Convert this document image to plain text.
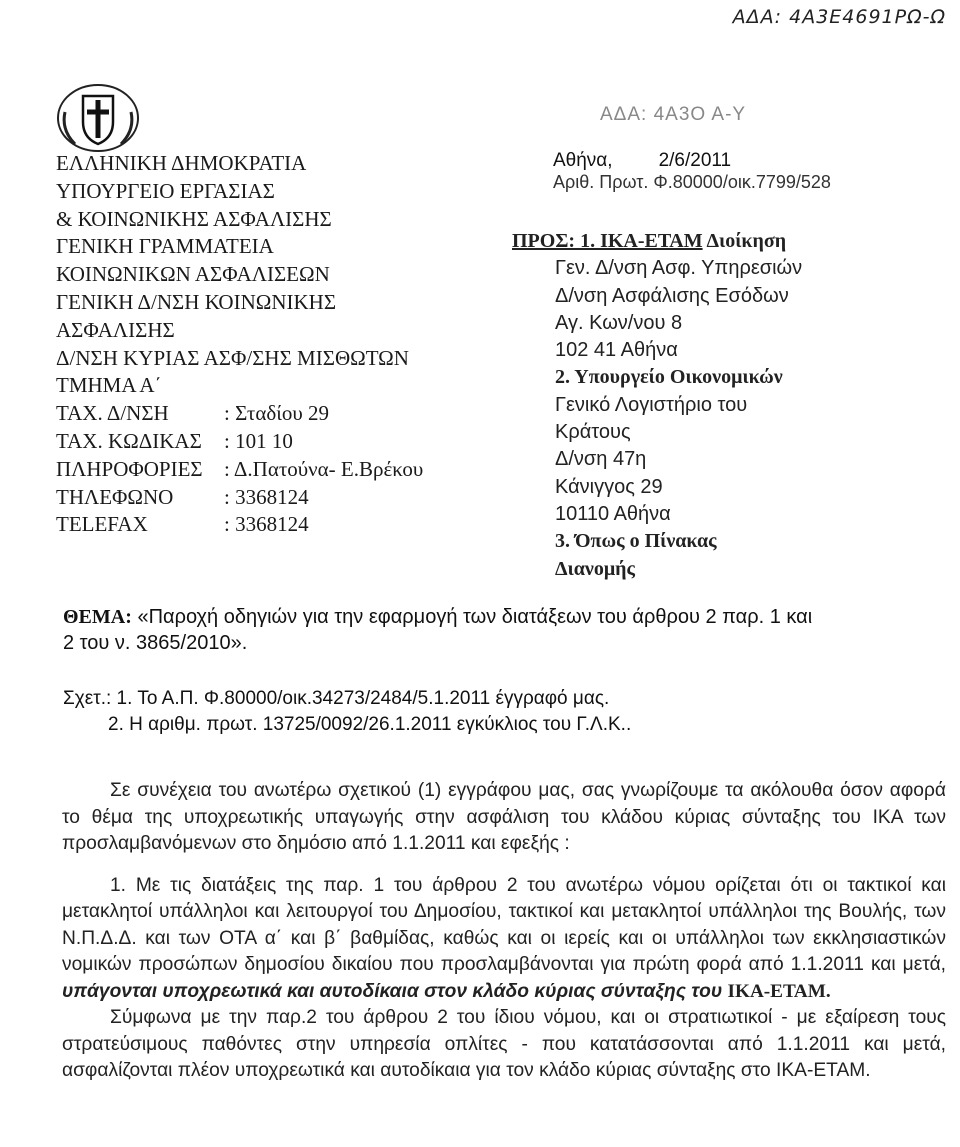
ΑΔΑ: 4Α3Ε4691ΡΩ-Ω
ΕΛΛΗΝΙΚΗ ΔΗΜΟΚΡΑΤΙΑ
ΥΠΟΥΡΓΕΙΟ ΕΡΓΑΣΙΑΣ
& ΚΟΙΝΩΝΙΚΗΣ ΑΣΦΑΛΙΣΗΣ
ΓΕΝΙΚΗ ΓΡΑΜΜΑΤΕΙΑ
ΚΟΙΝΩΝΙΚΩΝ ΑΣΦΑΛΙΣΕΩΝ
ΓΕΝΙΚΗ Δ/ΝΣΗ ΚΟΙΝΩΝΙΚΗΣ
ΑΣΦΑΛΙΣΗΣ
Δ/ΝΣΗ ΚΥΡΙΑΣ ΑΣΦ/ΣΗΣ ΜΙΣΘΩΤΩΝ
ΤΜΗΜΑ Α΄
ΤΑΧ. Δ/ΝΣΗ	: Σταδίου 29
ΤΑΧ. ΚΩΔΙΚΑΣ	: 101 10
ΠΛΗΡΟΦΟΡΙΕΣ	: Δ.Πατούνα- Ε.Βρέκου
ΤΗΛΕΦΩΝΟ	: 3368124
TELEFAX	: 3368124
ΑΔΑ: 4Α3Ο Α-Υ
Αθήνα, 2/6/2011
Αριθ. Πρωτ. Φ.80000/οικ.7799/528
ΠΡΟΣ: 1. ΙΚΑ-ΕΤΑΜ Διοίκηση
Γεν. Δ/νση Ασφ. Υπηρεσιών
Δ/νση Ασφάλισης Εσόδων
Αγ. Κων/νου 8
102 41 Αθήνα
2. Υπουργείο Οικονομικών
Γενικό Λογιστήριο του
Κράτους
Δ/νση 47η
Κάνιγγος 29
10110 Αθήνα
3. Όπως ο Πίνακας
Διανομής
ΘΕΜΑ: «Παροχή οδηγιών για την εφαρμογή των διατάξεων του άρθρου 2 παρ. 1 και
2 του ν. 3865/2010».
Σχετ.: 1. Το Α.Π. Φ.80000/οικ.34273/2484/5.1.2011 έγγραφό μας.
2. Η αριθμ. πρωτ. 13725/0092/26.1.2011 εγκύκλιος του Γ.Λ.Κ..

Σε συνέχεια του ανωτέρω σχετικού (1) εγγράφου μας, σας γνωρίζουμε τα ακόλουθα όσον αφορά το θέμα της υποχρεωτικής υπαγωγής στην ασφάλιση του κλάδου κύριας σύνταξης του ΙΚΑ των προσλαμβανόμενων στο δημόσιο από 1.1.2011 και εφεξής :

1. Με τις διατάξεις της παρ. 1 του άρθρου 2 του ανωτέρω νόμου ορίζεται ότι οι τακτικοί και μετακλητοί υπάλληλοι και λειτουργοί του Δημοσίου, τακτικοί και μετακλητοί υπάλληλοι της Βουλής, των Ν.Π.Δ.Δ. και των ΟΤΑ α΄ και β΄ βαθμίδας, καθώς και οι ιερείς και οι υπάλληλοι των εκκλησιαστικών νομικών προσώπων δημοσίου δικαίου που προσλαμβάνονται για πρώτη φορά από 1.1.2011 και μετά, υπάγονται υποχρεωτικά και αυτοδίκαια στον κλάδο κύριας σύνταξης του ΙΚΑ-ΕΤΑΜ.

Σύμφωνα με την παρ.2 του άρθρου 2 του ίδιου νόμου, και οι στρατιωτικοί - με εξαίρεση τους στρατεύσιμους παθόντες στην υπηρεσία οπλίτες - που κατατάσσονται από 1.1.2011 και μετά, ασφαλίζονται πλέον υποχρεωτικά και αυτοδίκαια για τον κλάδο κύριας σύνταξης στο ΙΚΑ-ΕΤΑΜ.
